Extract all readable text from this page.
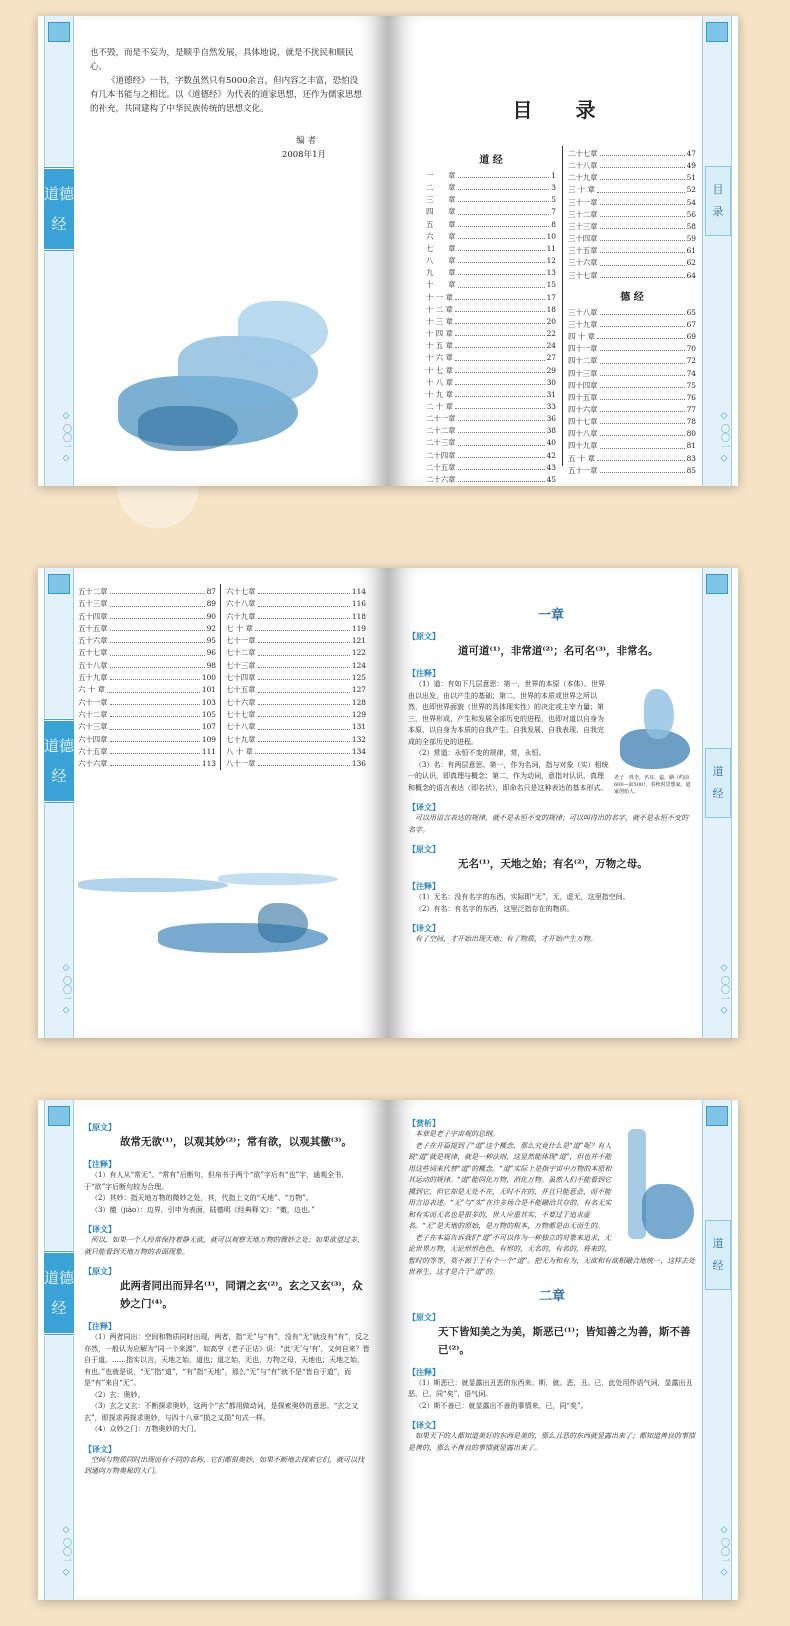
道德经
◇ 〇〇一 ◇
也不毁，而是不妄为，是顺乎自然发展，具体地说，就是不扰民和顺民心。
《道德经》一书，字数虽然只有5000余言，但内容之丰富，恐怕没有几本书能与之相比。以《道德经》为代表的道家思想，还作为儒家思想的补充，共同建构了中华民族传统的思想文化。
编 者
2008年1月
目 录
◇ 〇〇一 ◇
目 录
道 经
一　　章	1
二　　章	3
三　　章	5
四　　章	7
五　　章	8
六　　章	10
七　　章	11
八　　章	12
九　　章	13
十　　章	15
十 一 章	17
十 二 章	18
十 三 章	20
十 四 章	22
十 五 章	24
十 六 章	27
十 七 章	29
十 八 章	30
十 九 章	31
二 十 章	33
二十一章	36
二十二章	38
二十三章	40
二十四章	42
二十五章	43
二十六章	45
二十七章	47
二十八章	49
二十九章	51
三 十 章	52
三十一章	54
三十二章	56
三十三章	58
三十四章	59
三十五章	61
三十六章	62
三十七章	64
德 经
三十八章	65
三十九章	67
四 十 章	69
四十一章	70
四十二章	72
四十三章	74
四十四章	75
四十五章	76
四十六章	77
四十七章	78
四十八章	80
四十九章	81
五 十 章	83
五十一章	85
道德经
◇ 〇〇一 ◇
五十二章	87
五十三章	89
五十四章	90
五十五章	92
五十六章	95
五十七章	96
五十八章	98
五十九章	100
六 十 章	101
六十一章	103
六十二章	105
六十三章	107
六十四章	109
六十五章	111
六十六章	113
六十七章	114
六十八章	116
六十九章	118
七 十 章	119
七十一章	121
七十二章	122
七十三章	124
七十四章	125
七十五章	127
七十六章	128
七十七章	129
七十八章	131
七十九章	132
八 十 章	134
八十一章	136
道 经
◇ 〇〇一 ◇
一章
【原文】
道可道⁽¹⁾，非常道⁽²⁾；名可名⁽³⁾，非常名。
【注释】
老子　姓李，名耳，谥，聃（约前600—前500），春秋时思想家，道家创始人。
（1）道：有如下几层意思：第一，世界的本原（本体）。世界由以出发，由以产生的基础；第二，世界的本质或世界之所以然，也即世界面貌（世界的具体现实性）的决定或主宰力量；第三，世界形成、产生和发展全部历史的进程，也即对道以自身为本原，以自身为本质的自我产生、自我发展、自我表现、自我完成的全部历史的进程。
（2）常道：永恒不变的规律，常，永恒。
（3）名：有两层意思。第一，作为名词，指与对象（实）相统一的认识，即真理与概念；第二，作为动词，意指对认识、真理和概念的语言表达（即名状），即命名只是这种表达的基本形式。
【译文】
可以用语言表达的规律，就不是永恒不变的规律；可以叫得出的名字，就不是永恒不变的名字。
【原文】
无名⁽¹⁾，天地之始；有名⁽²⁾，万物之母。
【注释】
（1）无名：没有名字的东西，实际即“无”，无，虚无，这里指空间。
（2）有名：有名字的东西，这里泛指存在的物质。
【译文】
有了空间，才开始出现天地；有了物质，才开始产生万物。
道德经
◇ 〇〇一 ◇
【原文】
故常无欲⁽¹⁾，以观其妙⁽²⁾；常有欲，以观其徼⁽³⁾。
【注释】
（1）有人从“常无”、“常有”后断句，但帛书于两个“欲”字后有“也”字，通观全书，于“欲”字后断句较为合理。
（2）其妙：指天地万物的微妙之处，其，代指上文的“天地”、“万物”。
（3）徼（jiào）：边界，引申为表面，陆德明《经典释文》：“徼，边也。”
【译文】
所以，如果一个人经常保持着静无欲，就可以观察天地万物的微妙之处；如果欲望过多，就只能看到天地万物的表面现象。
【原文】
此两者同出而异名⁽¹⁾，同谓之玄⁽²⁾。玄之又玄⁽³⁾，众妙之门⁽⁴⁾。
【注释】
（1）两者同出：空间和物质同时出现，两者，指“无”与“有”，没有“无”就没有“有”，反之亦然，一般认为应解为“同一个来源”，如高亨《老子正诂》说：“此‘无’与‘有’，又何自来？皆自于道。……指实以言，天地之始，道也；道之始，无也，万物之母，天地也；天地之始，有也。”也就是说，“无”指“道”，“有”指“天地”，那么“无”与“有”就不是“皆自于道”，而是“有”来自“无”。
（2）玄：奥妙。
（3）玄之又玄：不断探求奥妙，这两个“玄”都用做动词，是探索奥妙的意思。“玄之又玄”，即探求再探求奥妙，与四十八章“损之又损”句式一样。
（4）众妙之门：万物奥妙的大门。
【译文】
空间与物质同时出现而有不同的名称，它们都很奥妙，如果不断地去探索它们，就可以找到通向万物奥秘的大门。
道 经
◇ 〇〇一 ◇
【赏析】
本章是老子宇宙观的总纲。
老子在开篇提到了“道”这个概念，那么究竟什么是“道”呢？有人说“道”就是规律，就是一种法则，这显然能体现“道”，但也并不能用这些词来代替“道”的概念。“道”实际上是指宇宙中万物的本原和其运动的规律。“道”能同化万物，消化万物。虽然人们不能看到它摸到它，但它却是无处不在，无时不在的，并且只能意会，而不能用言语表述。“无”与“实”在许多场合是不能融洽共存的。有名无实和有实而无名也是很多的，世人应重其实，不要过于追求虚名。“无”是天地的原始，是万物的根本，万物都是由无而生的。
老子在本篇告诉我们“道”不可以作为一种独立的对象来追求，无论世界万物，无论形形色色，有形的，无名的，有名的，将来的，暂时的等等，莫不源于于有个一个“道”。把无为和有为，无欲和有欲相融合地统一，这样去处世养生，这才是合于“道”的。
二章
【原文】
天下皆知美之为美，斯恶已⁽¹⁾；皆知善之为善，斯不善已⁽²⁾。
【注释】
（1）斯恶已：就显露出丑恶的东西来。斯，就。恶，丑。已，此处用作语气词，显露出丑恶，已，同“矣”，语气词。
（2）斯不善已：就显露出不善的事情来。已，同“矣”。
【译文】
如果天下的人都知道美好的东西是美的，那么丑恶的东西就显露出来了；都知道善良的事情是善的，那么不善良的事情就显露出来了。
